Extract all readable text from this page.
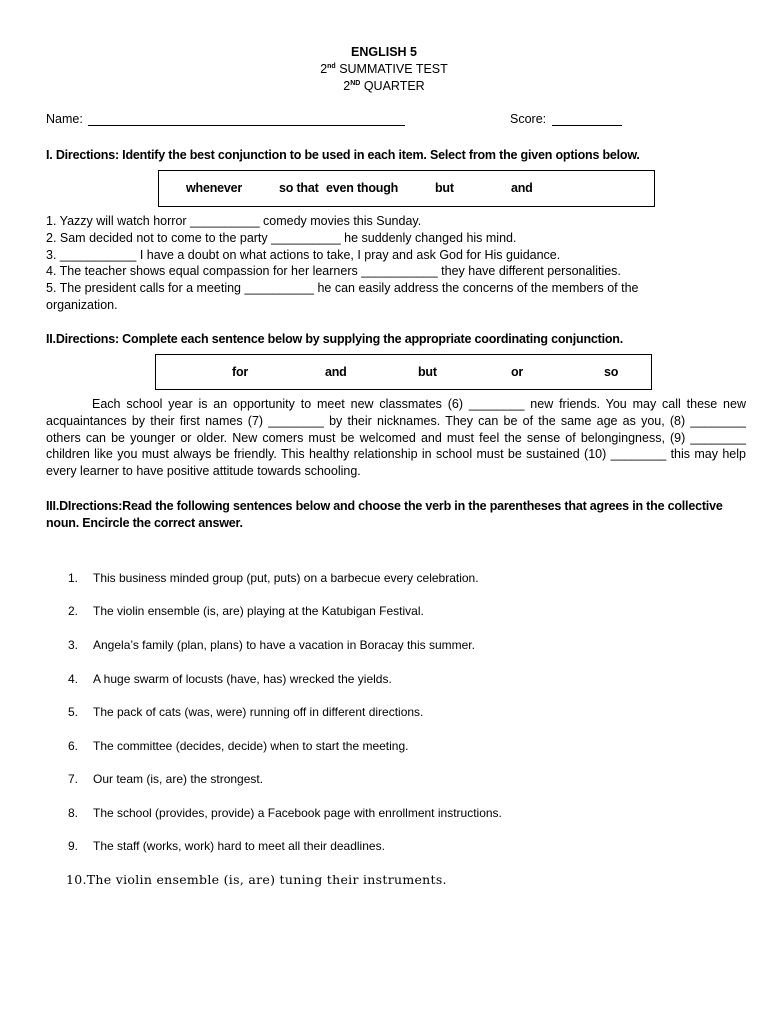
ENGLISH 5
2nd SUMMATIVE TEST
2ND QUARTER
Name:	Score:
I. Directions: Identify the best conjunction to be used in each item. Select from the given options below.
whenever	so that even though	but	and
1. Yazzy will watch horror __________ comedy movies this Sunday.
2. Sam decided not to come to the party __________ he suddenly changed his mind.
3. ___________ I have a doubt on what actions to take, I pray and ask God for His guidance.
4. The teacher shows equal compassion for her learners ___________ they have different personalities.
5. The president calls for a meeting __________ he can easily address the concerns of the members of the
organization.
II.Directions: Complete each sentence below by supplying the appropriate coordinating conjunction.
for	and	but	or	so
Each school year is an opportunity to meet new classmates (6) ________ new friends. You may call these new acquaintances by their first names (7) ________ by their nicknames. They can be of the same age as you, (8) ________ others can be younger or older. New comers must be welcomed and must feel the sense of belongingness, (9) ________ children like you must always be friendly. This healthy relationship in school must be sustained (10) ________ this may help every learner to have positive attitude towards schooling.
III.DIrections:Read the following sentences below and choose the verb in the parentheses that agrees in the collective noun. Encircle the correct answer.
1. This business minded group (put, puts) on a barbecue every celebration.
2. The violin ensemble (is, are) playing at the Katubigan Festival.
3. Angela’s family (plan, plans) to have a vacation in Boracay this summer.
4. A huge swarm of locusts (have, has) wrecked the yields.
5. The pack of cats (was, were) running off in different directions.
6. The committee (decides, decide) when to start the meeting.
7. Our team (is, are) the strongest.
8. The school (provides, provide) a Facebook page with enrollment instructions.
9. The staff (works, work) hard to meet all their deadlines.
10.The violin ensemble (is, are) tuning their instruments.
